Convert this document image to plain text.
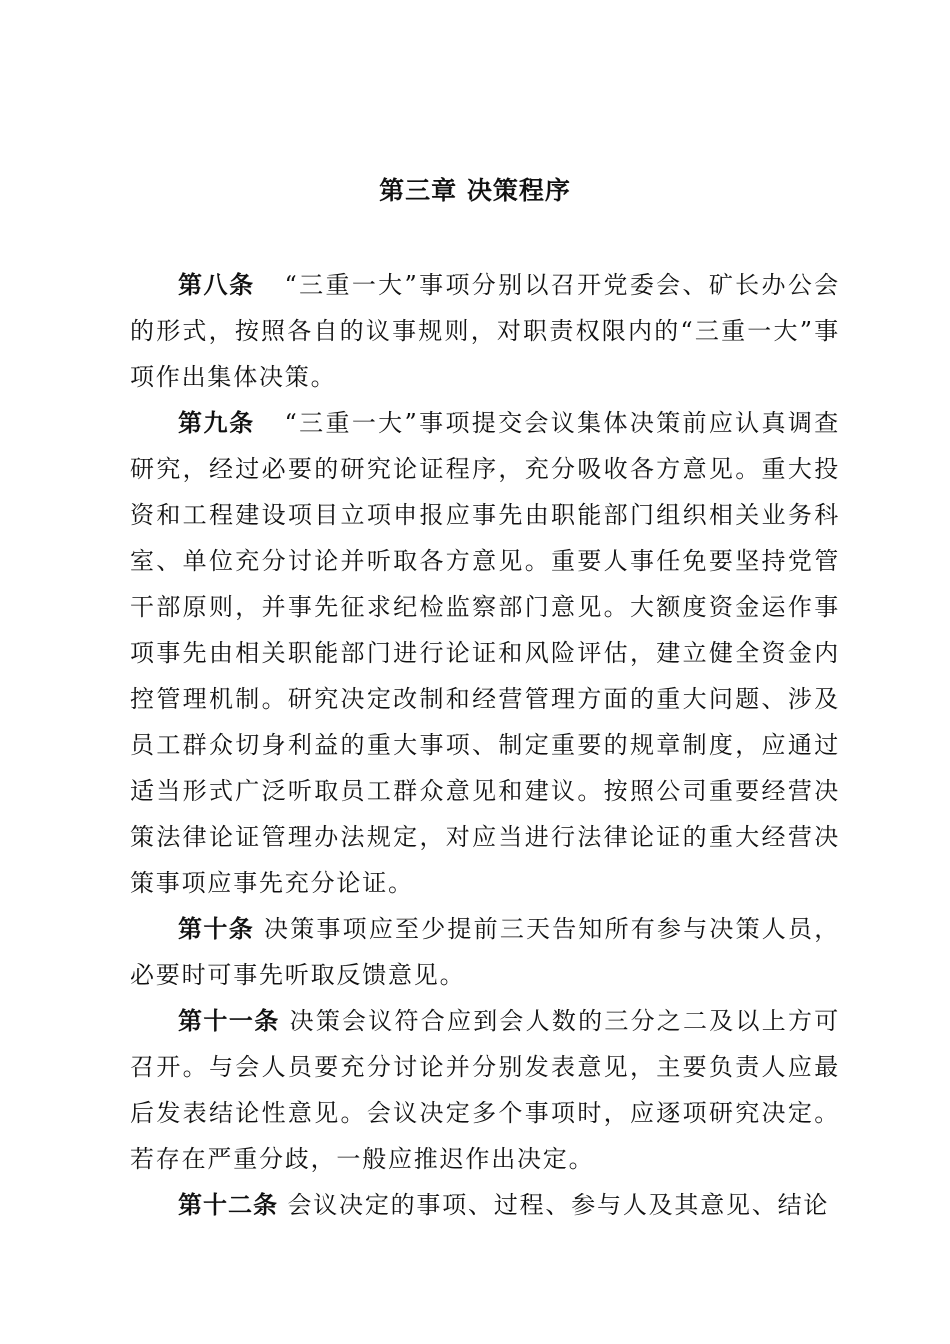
第三章 决策程序

第八条 “三重一大”事项分别以召开党委会、矿长办公会的形式，按照各自的议事规则，对职责权限内的“三重一大”事项作出集体决策。

第九条 “三重一大”事项提交会议集体决策前应认真调查研究，经过必要的研究论证程序，充分吸收各方意见。重大投资和工程建设项目立项申报应事先由职能部门组织相关业务科室、单位充分讨论并听取各方意见。重要人事任免要坚持党管干部原则，并事先征求纪检监察部门意见。大额度资金运作事项事先由相关职能部门进行论证和风险评估，建立健全资金内控管理机制。研究决定改制和经营管理方面的重大问题、涉及员工群众切身利益的重大事项、制定重要的规章制度，应通过适当形式广泛听取员工群众意见和建议。按照公司重要经营决策法律论证管理办法规定，对应当进行法律论证的重大经营决策事项应事先充分论证。

第十条 决策事项应至少提前三天告知所有参与决策人员，必要时可事先听取反馈意见。

第十一条 决策会议符合应到会人数的三分之二及以上方可召开。与会人员要充分讨论并分别发表意见，主要负责人应最后发表结论性意见。会议决定多个事项时，应逐项研究决定。若存在严重分歧，一般应推迟作出决定。

第十二条 会议决定的事项、过程、参与人及其意见、结论
